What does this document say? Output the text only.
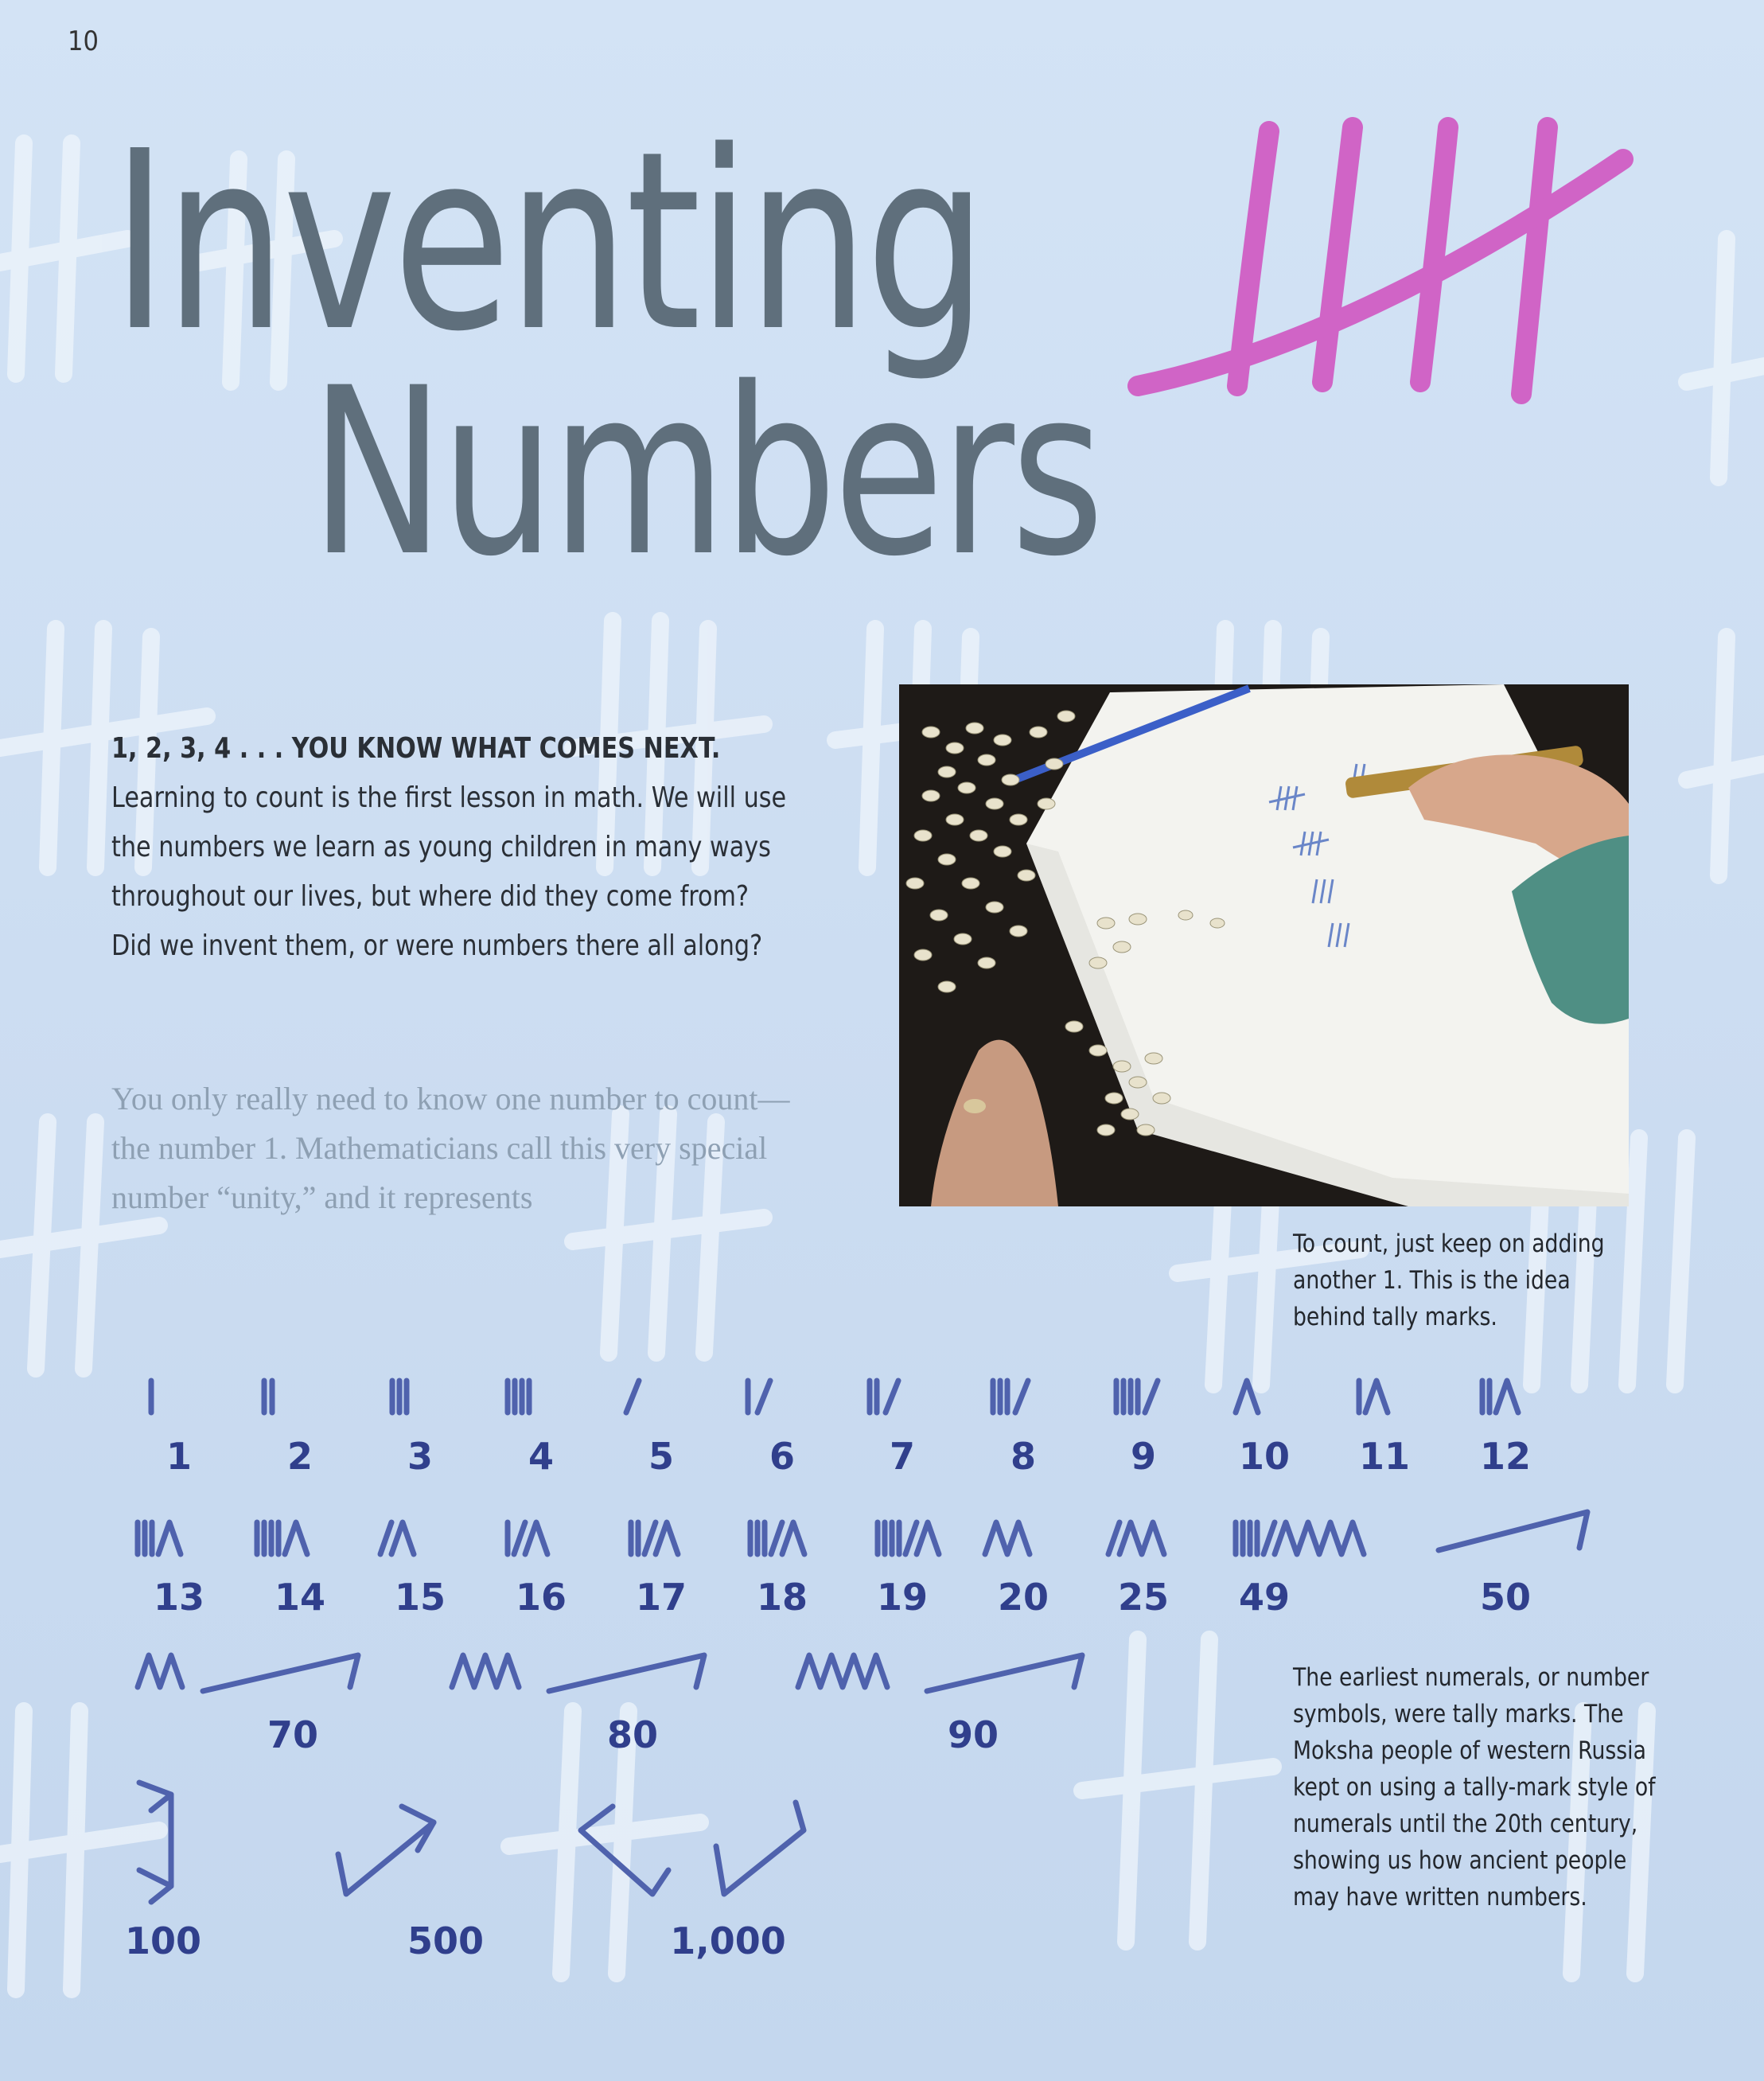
10
Inventing
Numbers
1, 2, 3, 4 . . . YOU KNOW WHAT COMES NEXT. Learning to count is the first lesson in math. We will use the numbers we learn as young children in many ways throughout our lives, but where did they come from? Did we invent them, or were numbers there all along?
You only really need to know one number to count—the number 1. Mathematicians call this very special number “unity,” and it represents
To count, just keep on adding another 1. This is the idea behind tally marks.
1	2	3	4	5	6	7	8	9	10	11	12
13	14	15	16	17	18	19	20	25	49	50
70	80	90
100	500	1,000
The earliest numerals, or number symbols, were tally marks. The Moksha people of western Russia kept on using a tally-mark style of numerals until the 20th century, showing us how ancient people may have written numbers.
